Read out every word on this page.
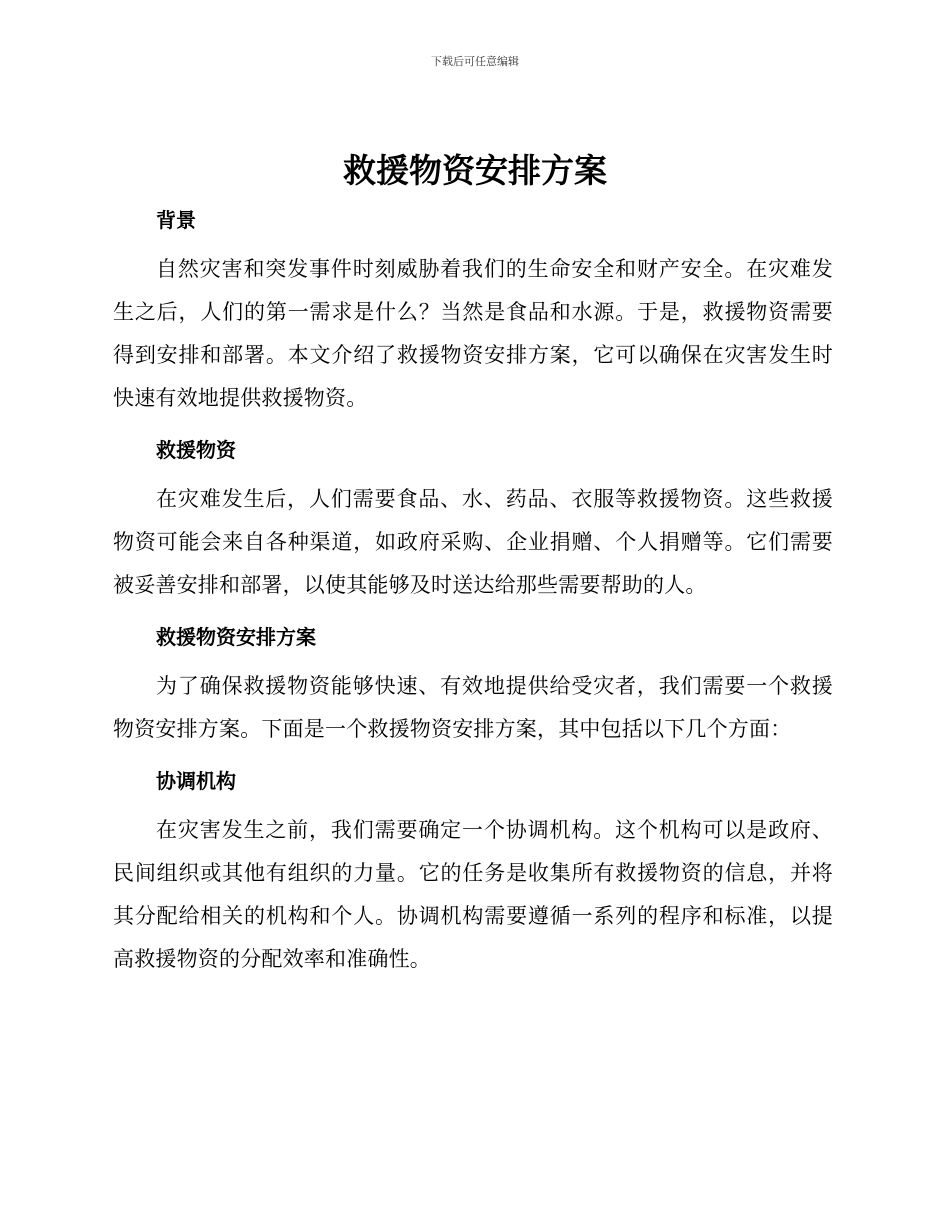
下载后可任意编辑
救援物资安排方案
背景

自然灾害和突发事件时刻威胁着我们的生命安全和财产安全。在灾难发生之后，人们的第一需求是什么？当然是食品和水源。于是，救援物资需要得到安排和部署。本文介绍了救援物资安排方案，它可以确保在灾害发生时快速有效地提供救援物资。

救援物资

在灾难发生后，人们需要食品、水、药品、衣服等救援物资。这些救援物资可能会来自各种渠道，如政府采购、企业捐赠、个人捐赠等。它们需要被妥善安排和部署，以使其能够及时送达给那些需要帮助的人。

救援物资安排方案

为了确保救援物资能够快速、有效地提供给受灾者，我们需要一个救援物资安排方案。下面是一个救援物资安排方案，其中包括以下几个方面：

协调机构

在灾害发生之前，我们需要确定一个协调机构。这个机构可以是政府、民间组织或其他有组织的力量。它的任务是收集所有救援物资的信息，并将其分配给相关的机构和个人。协调机构需要遵循一系列的程序和标准，以提高救援物资的分配效率和准确性。
